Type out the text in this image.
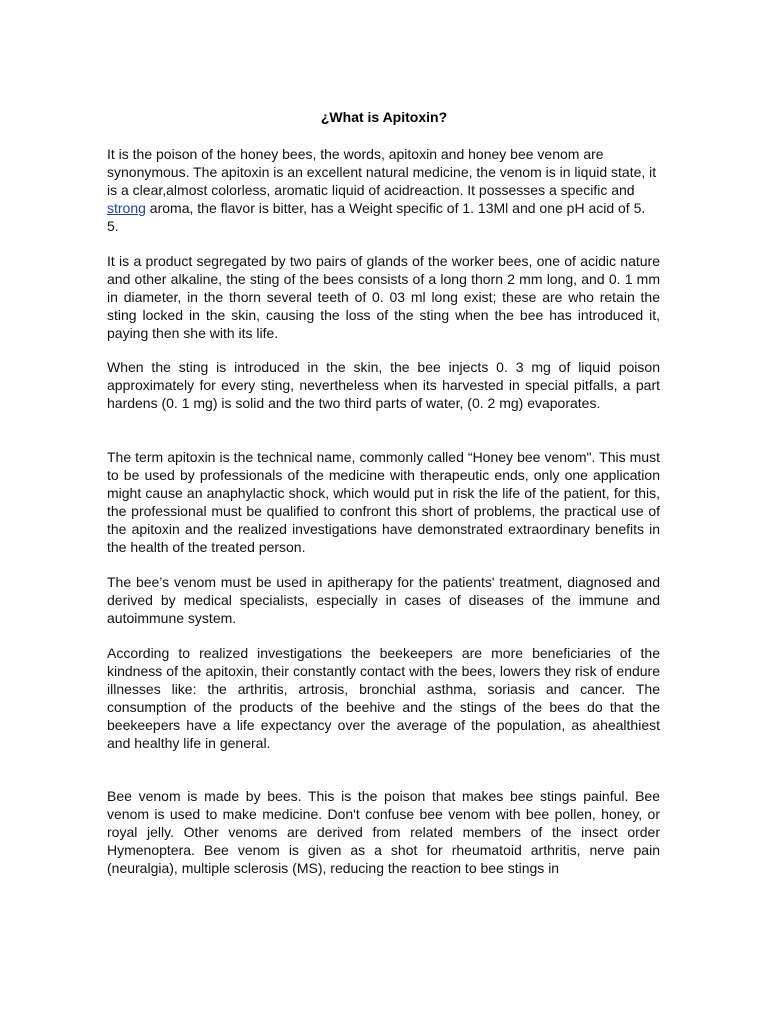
¿What is Apitoxin?

It is the poison of the honey bees, the words, apitoxin and honey bee venom are synonymous. The apitoxin is an excellent natural medicine, the venom is in liquid state, it is a clear,almost colorless, aromatic liquid of acidreaction. It possesses a specific and strong aroma, the flavor is bitter, has a Weight specific of 1. 13Ml and one pH acid of 5. 5.

It is a product segregated by two pairs of glands of the worker bees, one of acidic nature and other alkaline, the sting of the bees consists of a long thorn 2 mm long, and 0. 1 mm in diameter, in the thorn several teeth of 0. 03 ml long exist; these are who retain the sting locked in the skin, causing the loss of the sting when the bee has introduced it, paying then she with its life.

When the sting is introduced in the skin, the bee injects 0. 3 mg of liquid poison approximately for every sting, nevertheless when its harvested in special pitfalls, a part hardens (0. 1 mg) is solid and the two third parts of water, (0. 2 mg) evaporates.

The term apitoxin is the technical name, commonly called “Honey bee venom". This must to be used by professionals of the medicine with therapeutic ends, only one application might cause an anaphylactic shock, which would put in risk the life of the patient, for this, the professional must be qualified to confront this short of problems, the practical use of the apitoxin and the realized investigations have demonstrated extraordinary benefits in the health of the treated person.

The bee’s venom must be used in apitherapy for the patients' treatment, diagnosed and derived by medical specialists, especially in cases of diseases of the immune and autoimmune system.

According to realized investigations the beekeepers are more beneficiaries of the kindness of the apitoxin, their constantly contact with the bees, lowers they risk of endure illnesses like: the arthritis, artrosis, bronchial asthma, soriasis and cancer. The consumption of the products of the beehive and the stings of the bees do that the beekeepers have a life expectancy over the average of the population, as ahealthiest and healthy life in general.

Bee venom is made by bees. This is the poison that makes bee stings painful. Bee venom is used to make medicine. Don't confuse bee venom with bee pollen, honey, or royal jelly. Other venoms are derived from related members of the insect order Hymenoptera. Bee venom is given as a shot for rheumatoid arthritis, nerve pain (neuralgia), multiple sclerosis (MS), reducing the reaction to bee stings in
